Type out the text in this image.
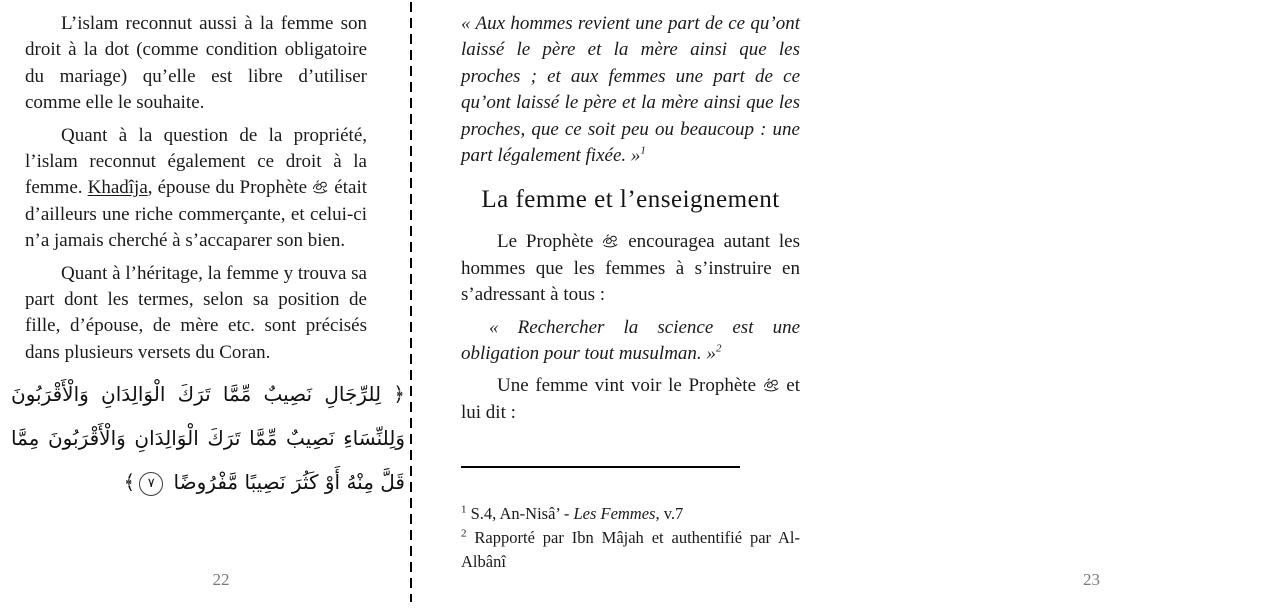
L’islam reconnut aussi à la femme son droit à la dot (comme condition obligatoire du mariage) qu’elle est libre d’utiliser comme elle le souhaite.

Quant à la question de la propriété, l’islam reconnut également ce droit à la femme. Khadîja, épouse du Prophète
était d’ailleurs une riche commerçante, et celui-ci n’a jamais cherché à s’accaparer son bien.

Quant à l’héritage, la femme y trouva sa part dont les termes, selon sa position de fille, d’épouse, de mère etc. sont précisés dans plusieurs versets du Coran.

﴿ لِلرِّجَالِ نَصِيبٌ مِّمَّا تَرَكَ الْوَالِدَانِ وَالْأَقْرَبُونَ وَلِلنِّسَاءِ نَصِيبٌ مِّمَّا تَرَكَ الْوَالِدَانِ وَالْأَقْرَبُونَ مِمَّا قَلَّ مِنْهُ أَوْ كَثُرَ نَصِيبًا مَّفْرُوضًا ٧﴾
22

« Aux hommes revient une part de ce qu’ont laissé le père et la mère ainsi que les proches ; et aux femmes une part de ce qu’ont laissé le père et la mère ainsi que les proches, que ce soit peu ou beaucoup : une part légalement fixée. »$^1$

La femme et l’enseignement

Le Prophète
encouragea autant les hommes que les femmes à s’instruire en s’adressant à tous :

« Rechercher la science est une obligation pour tout musulman. »$^2$

Une femme vint voir le Prophète
et lui dit :

23
$^1$ S.4, An-Nisâ’ - Les Femmes, v.7
$^2$ Rapporté par Ibn Mâjah et authentifié par Al-Albânî
